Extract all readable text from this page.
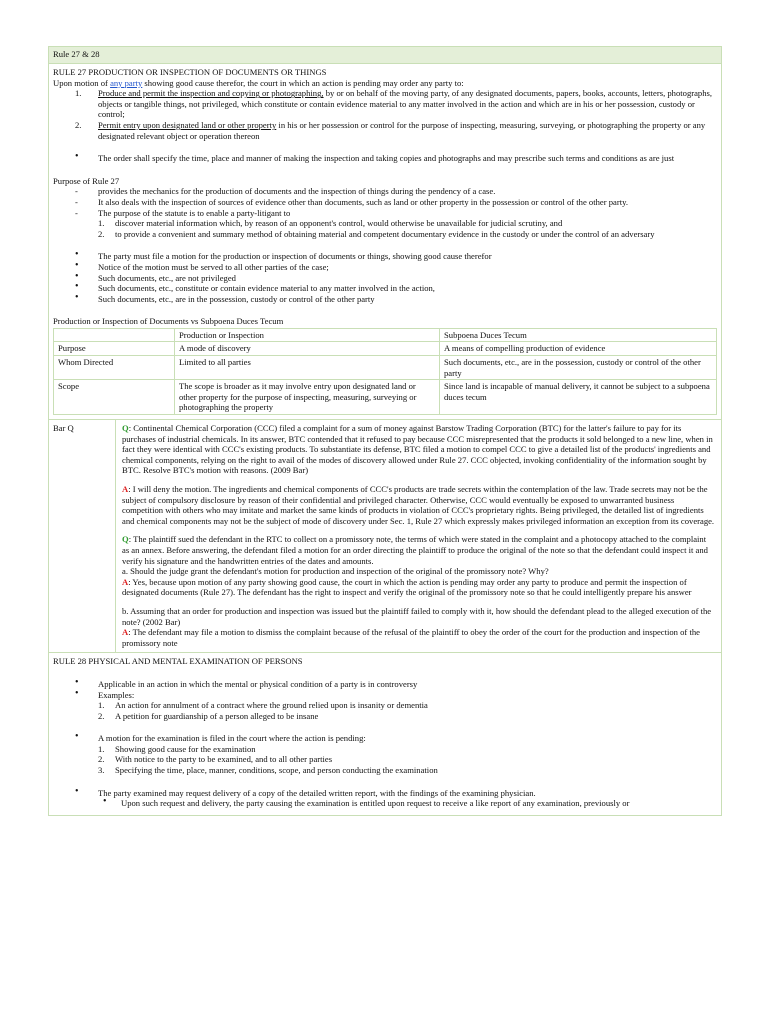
Rule 27 & 28

RULE 27 PRODUCTION OR INSPECTION OF DOCUMENTS OR THINGS

Upon motion of any party showing good cause therefor, the court in which an action is pending may order any party to:

1. Produce and permit the inspection and copying or photographing, by or on behalf of the moving party, of any designated documents, papers, books, accounts, letters, photographs, objects or tangible things, not privileged, which constitute or contain evidence material to any matter involved in the action and which are in his or her possession, custody or control;
2. Permit entry upon designated land or other property in his or her possession or control for the purpose of inspecting, measuring, surveying, or photographing the property or any designated relevant object or operation thereon
• The order shall specify the time, place and manner of making the inspection and taking copies and photographs and may prescribe such terms and conditions as are just

Purpose of Rule 27

- provides the mechanics for the production of documents and the inspection of things during the pendency of a case.
- It also deals with the inspection of sources of evidence other than documents, such as land or other property in the possession or control of the other party.
- The purpose of the statute is to enable a party-litigant to
1. discover material information which, by reason of an opponent's control, would otherwise be unavailable for judicial scrutiny, and
2. to provide a convenient and summary method of obtaining material and competent documentary evidence in the custody or under the control of an adversary
• The party must file a motion for the production or inspection of documents or things, showing good cause therefor
• Notice of the motion must be served to all other parties of the case;
• Such documents, etc., are not privileged
• Such documents, etc., constitute or contain evidence material to any matter involved in the action,
• Such documents, etc., are in the possession, custody or control of the other party

Production or Inspection of Documents vs Subpoena Duces Tecum

	Production or Inspection	Subpoena Duces Tecum
Purpose	A mode of discovery	A means of compelling production of evidence
Whom Directed	Limited to all parties	Such documents, etc., are in the possession, custody or control of the other party
Scope	The scope is broader as it may involve entry upon designated land or other property for the purpose of inspecting, measuring, surveying or photographing the property	Since land is incapable of manual delivery, it cannot be subject to a subpoena duces tecum
Bar Q	Q: Continental Chemical Corporation (CCC) filed a complaint for a sum of money against Barstow Trading Corporation (BTC) for the latter's failure to pay for its purchases of industrial chemicals. In its answer, BTC contended that it refused to pay because CCC misrepresented that the products it sold belonged to a new line, when in fact they were identical with CCC's existing products. To substantiate its defense, BTC filed a motion to compel CCC to give a detailed list of the products' ingredients and chemical components, relying on the right to avail of the modes of discovery allowed under Rule 27. CCC objected, invoking confidentiality of the information sought by BTC. Resolve BTC's motion with reasons. (2009 Bar)

A: I will deny the motion. The ingredients and chemical components of CCC's products are trade secrets within the contemplation of the law. Trade secrets may not be the subject of compulsory disclosure by reason of their confidential and privileged character. Otherwise, CCC would eventually be exposed to unwarranted business competition with others who may imitate and market the same kinds of products in violation of CCC's proprietary rights. Being privileged, the detailed list of ingredients and chemical components may not be the subject of mode of discovery under Sec. 1, Rule 27 which expressly makes privileged information an exception from its coverage.

Q: The plaintiff sued the defendant in the RTC to collect on a promissory note, the terms of which were stated in the complaint and a photocopy attached to the complaint as an annex. Before answering, the defendant filed a motion for an order directing the plaintiff to produce the original of the note so that the defendant could inspect it and verify his signature and the handwritten entries of the dates and amounts.

a. Should the judge grant the defendant's motion for production and inspection of the original of the promissory note? Why?

A: Yes, because upon motion of any party showing good cause, the court in which the action is pending may order any party to produce and permit the inspection of designated documents (Rule 27). The defendant has the right to inspect and verify the original of the promissory note so that he could intelligently prepare his answer

b. Assuming that an order for production and inspection was issued but the plaintiff failed to comply with it, how should the defendant plead to the alleged execution of the note? (2002 Bar)

A: The defendant may file a motion to dismiss the complaint because of the refusal of the plaintiff to obey the order of the court for the production and inspection of the promissory note

RULE 28 PHYSICAL AND MENTAL EXAMINATION OF PERSONS

• Applicable in an action in which the mental or physical condition of a party is in controversy
• Examples:
1. An action for annulment of a contract where the ground relied upon is insanity or dementia
2. A petition for guardianship of a person alleged to be insane
• A motion for the examination is filed in the court where the action is pending:
1. Showing good cause for the examination
2. With notice to the party to be examined, and to all other parties
3. Specifying the time, place, manner, conditions, scope, and person conducting the examination
• The party examined may request delivery of a copy of the detailed written report, with the findings of the examining physician.
• Upon such request and delivery, the party causing the examination is entitled upon request to receive a like report of any examination, previously or
